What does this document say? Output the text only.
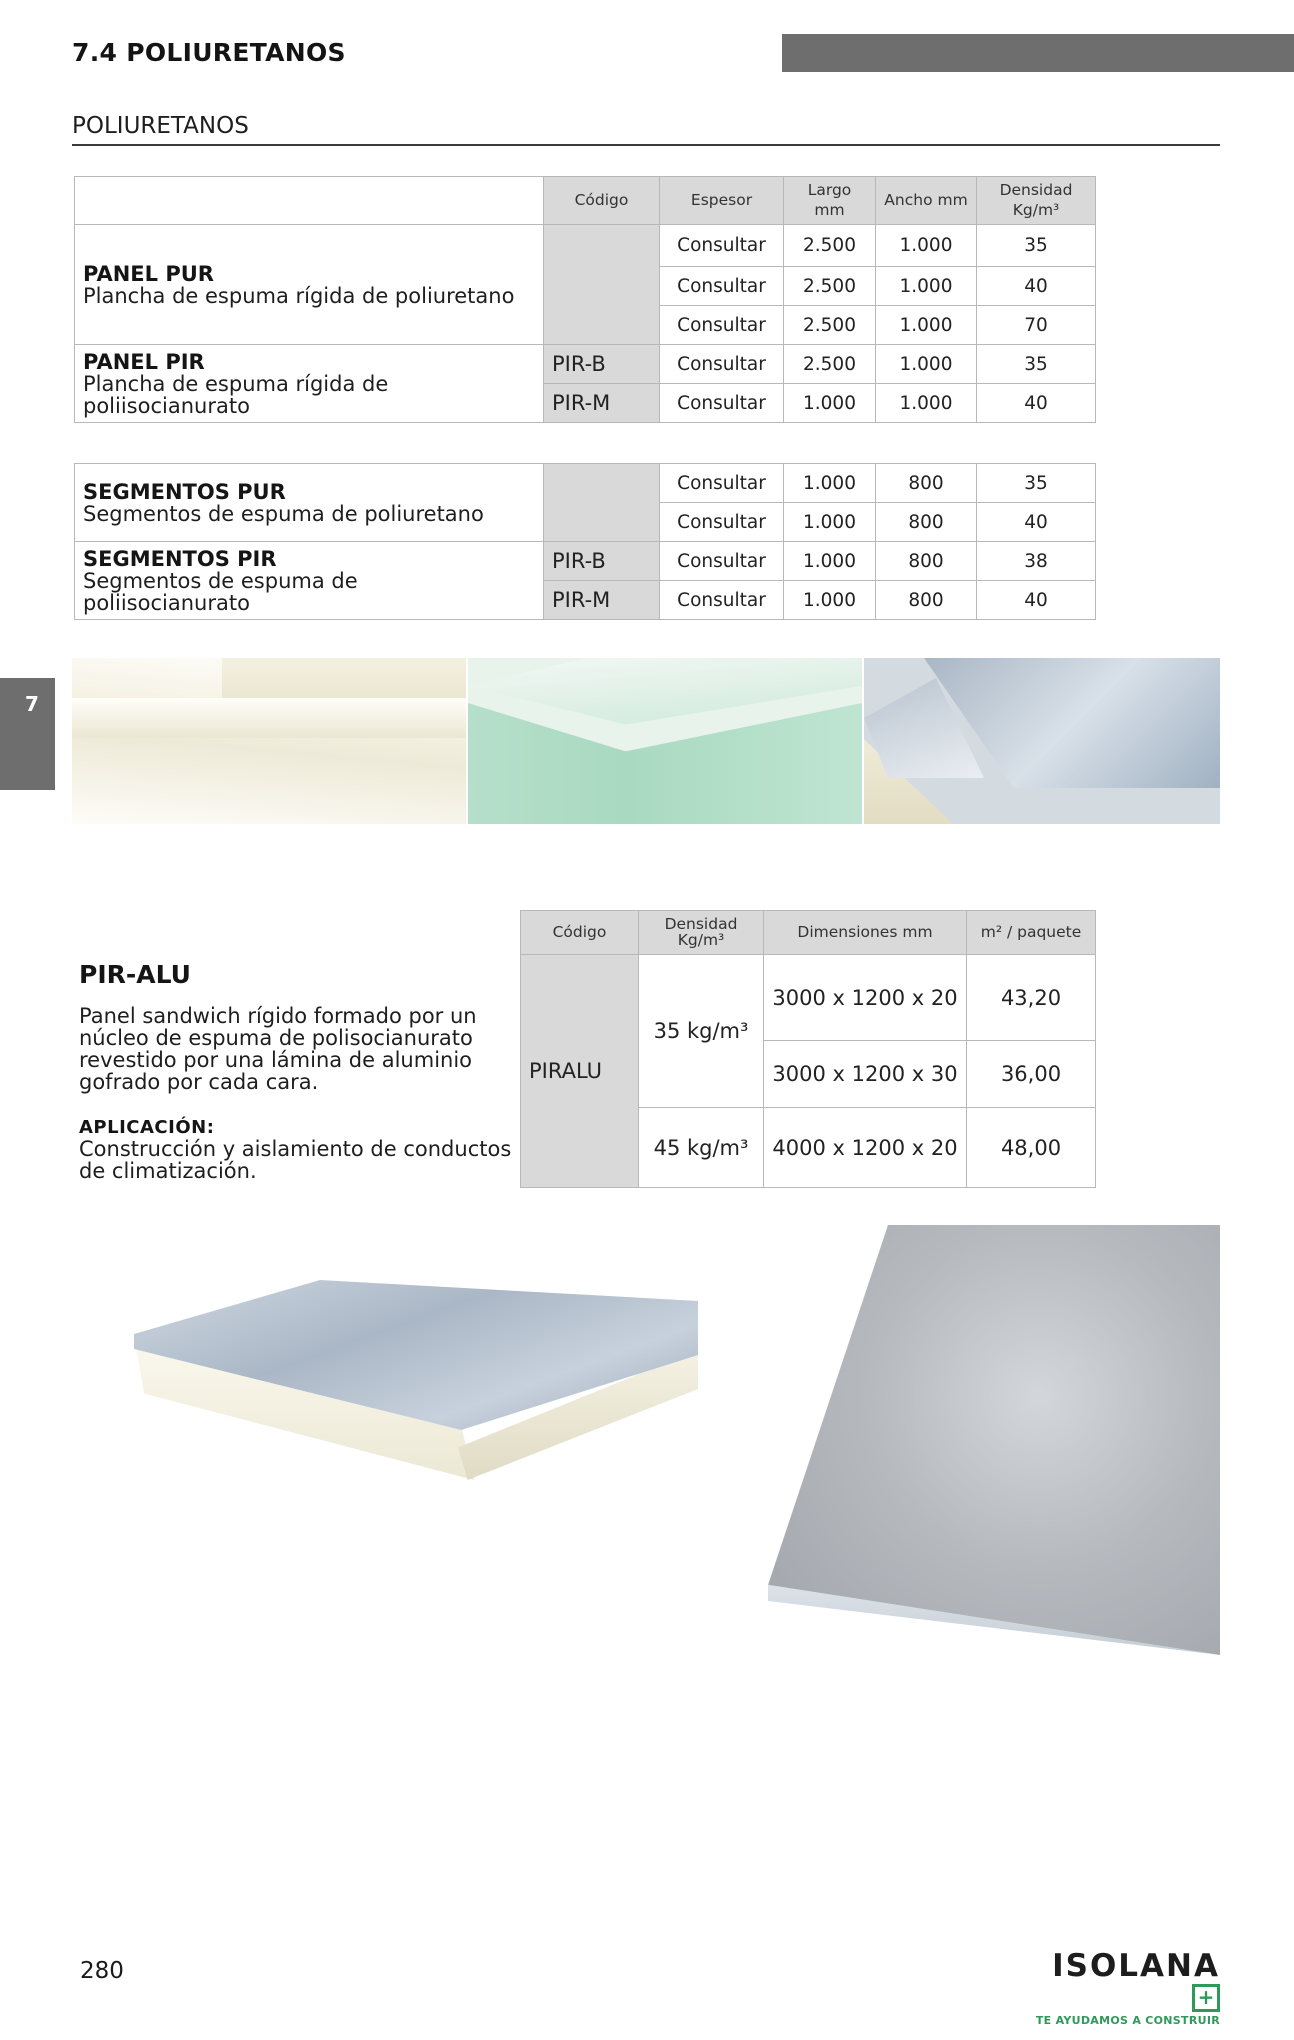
7.4 POLIURETANOS
POLIURETANOS
	Código	Espesor	Largo mm	Ancho mm	Densidad Kg/m³

PANEL PUR
Plancha de espuma rígida de poliuretano		Consultar	2.500	1.000	35
		Consultar	2.500	1.000	40
		Consultar	2.500	1.000	70

PANEL PIR
Plancha de espuma rígida de poliisocianurato	PIR-B	Consultar	2.500	1.000	35
	PIR-M	Consultar	1.000	1.000	40
SEGMENTOS PUR
Segmentos de espuma de poliuretano		Consultar	1.000	800	35
		Consultar	1.000	800	40

SEGMENTOS PIR
Segmentos de espuma de poliisocianurato	PIR-B	Consultar	1.000	800	38
	PIR-M	Consultar	1.000	800	40
7
PIR-ALU
Panel sandwich rígido formado por un núcleo de espuma de polisocianurato revestido por una lámina de aluminio gofrado por cada cara.
APLICACIÓN:
Construcción y aislamiento de conductos de climatización.
Código	Densidad Kg/m³	Dimensiones mm	m² / paquete
PIRALU	35 kg/m³	3000 x 1200 x 20	43,20
		3000 x 1200 x 30	36,00
	45 kg/m³	4000 x 1200 x 20	48,00
280	ISOLANA+
TE AYUDAMOS A CONSTRUIR
